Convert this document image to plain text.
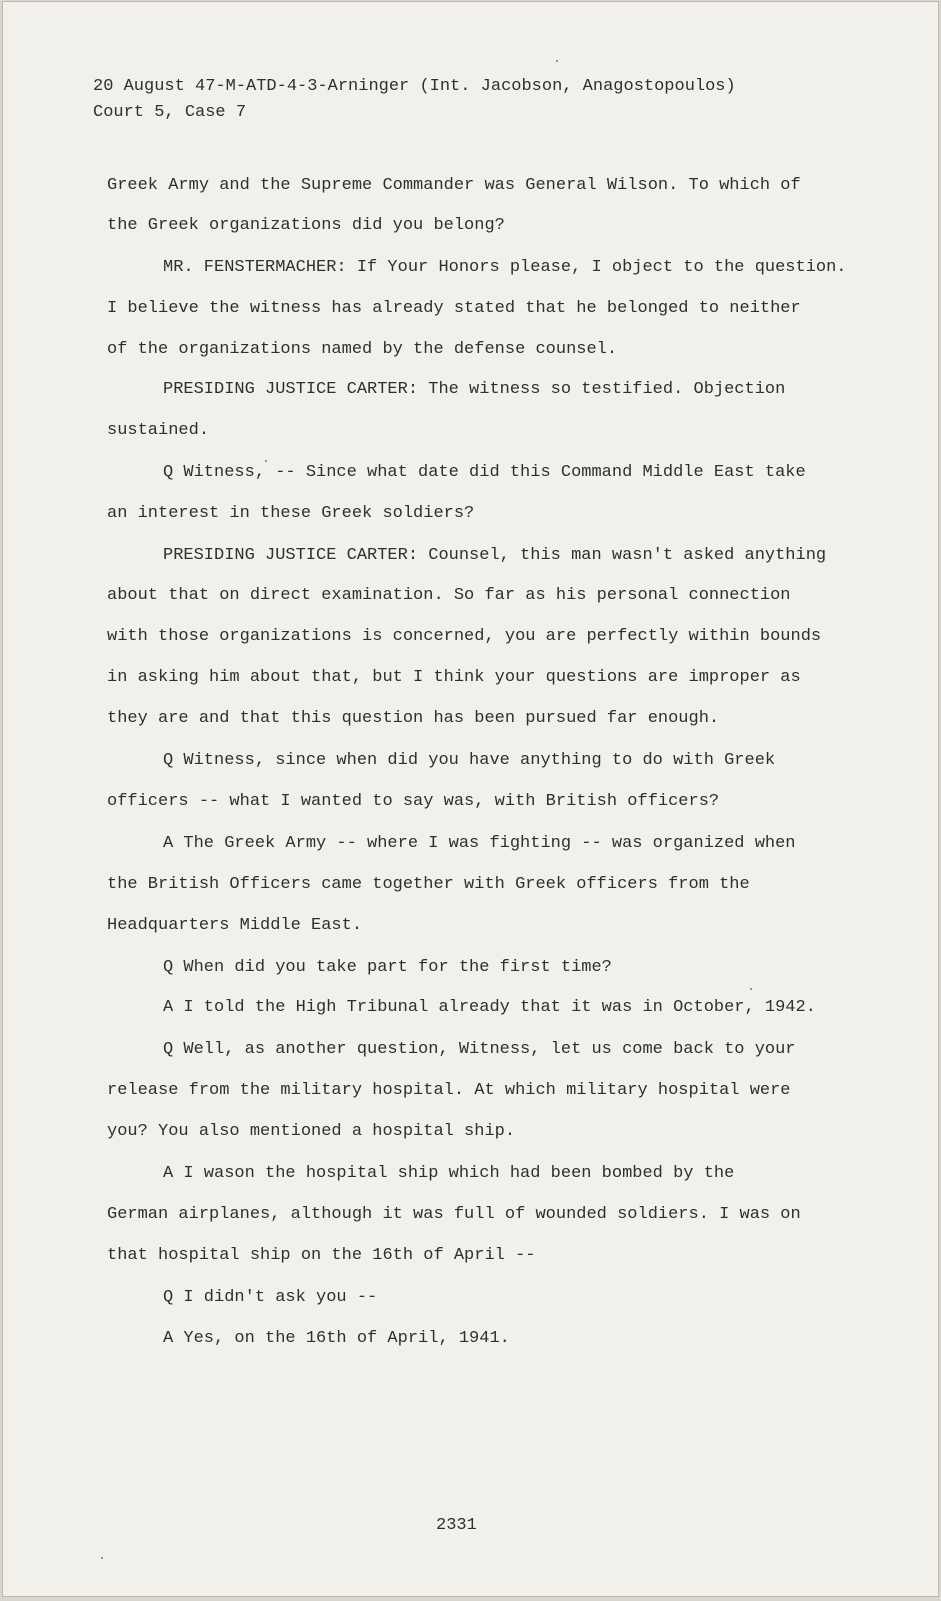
20 August 47-M-ATD-4-3-Arninger (Int. Jacobson, Anagostopoulos)
Court 5, Case 7
Greek Army and the Supreme Commander was General Wilson. To which of
the Greek organizations did you belong?
MR. FENSTERMACHER: If Your Honors please, I object to the question.
I believe the witness has already stated that he belonged to neither
of the organizations named by the defense counsel.
PRESIDING JUSTICE CARTER: The witness so testified. Objection
sustained.
Q Witness, -- Since what date did this Command Middle East take
an interest in these Greek soldiers?
PRESIDING JUSTICE CARTER: Counsel, this man wasn't asked anything
about that on direct examination. So far as his personal connection
with those organizations is concerned, you are perfectly within bounds
in asking him about that, but I think your questions are improper as
they are and that this question has been pursued far enough.
Q Witness, since when did you have anything to do with Greek
officers -- what I wanted to say was, with British officers?
A The Greek Army -- where I was fighting -- was organized when
the British Officers came together with Greek officers from the
Headquarters Middle East.
Q When did you take part for the first time?
A I told the High Tribunal already that it was in October, 1942.
Q Well, as another question, Witness, let us come back to your
release from the military hospital. At which military hospital were
you? You also mentioned a hospital ship.
A I wason the hospital ship which had been bombed by the
German airplanes, although it was full of wounded soldiers. I was on
that hospital ship on the 16th of April --
Q I didn't ask you --
A Yes, on the 16th of April, 1941.
2331
